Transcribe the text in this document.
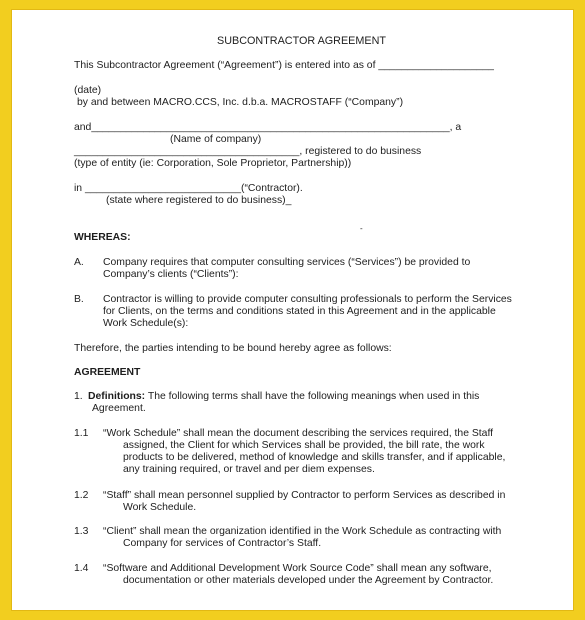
SUBCONTRACTOR AGREEMENT
This Subcontractor Agreement (“Agreement”) is entered into as of ____________________
(date)
by and between MACRO.CCS, Inc. d.b.a. MACROSTAFF (“Company”)
and______________________________________________________________, a
(Name of company)
_______________________________________, registered to do business
(type of entity (ie: Corporation, Sole Proprietor, Partnership))
in ___________________________(“Contractor).
(state where registered to do business)_
-
WHEREAS:
A. Company requires that computer consulting services (“Services”) be provided to
Company’s clients (“Clients”):
B. Contractor is willing to provide computer consulting professionals to perform the Services
for Clients, on the terms and conditions stated in this Agreement and in the applicable
Work Schedule(s):
Therefore, the parties intending to be bound hereby agree as follows:
AGREEMENT
1. Definitions: The following terms shall have the following meanings when used in this
Agreement.
1.1 “Work Schedule” shall mean the document describing the services required, the Staff
assigned, the Client for which Services shall be provided, the bill rate, the work
products to be delivered, method of knowledge and skills transfer, and if applicable,
any training required, or travel and per diem expenses.
1.2 “Staff” shall mean personnel supplied by Contractor to perform Services as described in
Work Schedule.
1.3 “Client” shall mean the organization identified in the Work Schedule as contracting with
Company for services of Contractor’s Staff.
1.4 “Software and Additional Development Work Source Code” shall mean any software,
documentation or other materials developed under the Agreement by Contractor.
